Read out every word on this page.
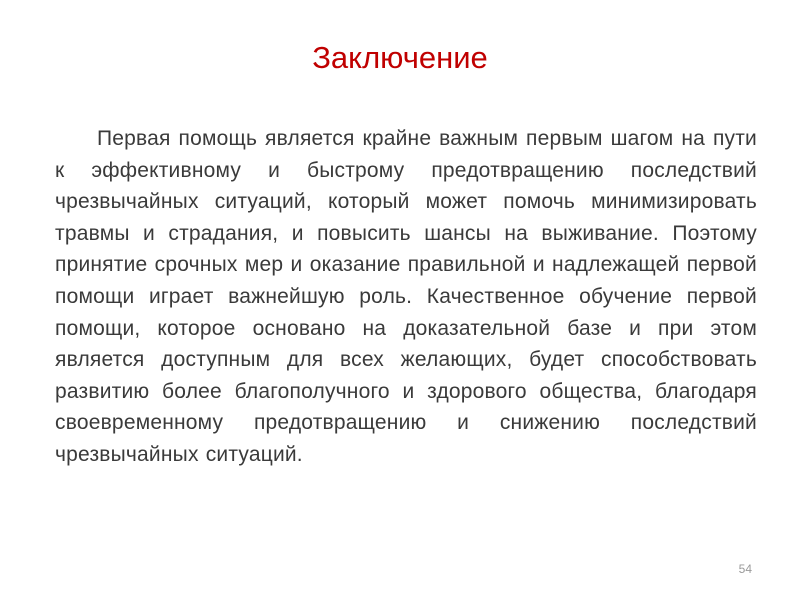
Заключение

Первая помощь является крайне важным первым шагом на пути к эффективному и быстрому предотвращению последствий чрезвычайных ситуаций, который может помочь минимизировать травмы и страдания, и повысить шансы на выживание. Поэтому принятие срочных мер и оказание правильной и надлежащей первой помощи играет важнейшую роль. Качественное обучение первой помощи, которое основано на доказательной базе и при этом является доступным для всех желающих, будет способствовать развитию более благополучного и здорового общества, благодаря своевременному предотвращению и снижению последствий чрезвычайных ситуаций.

54
